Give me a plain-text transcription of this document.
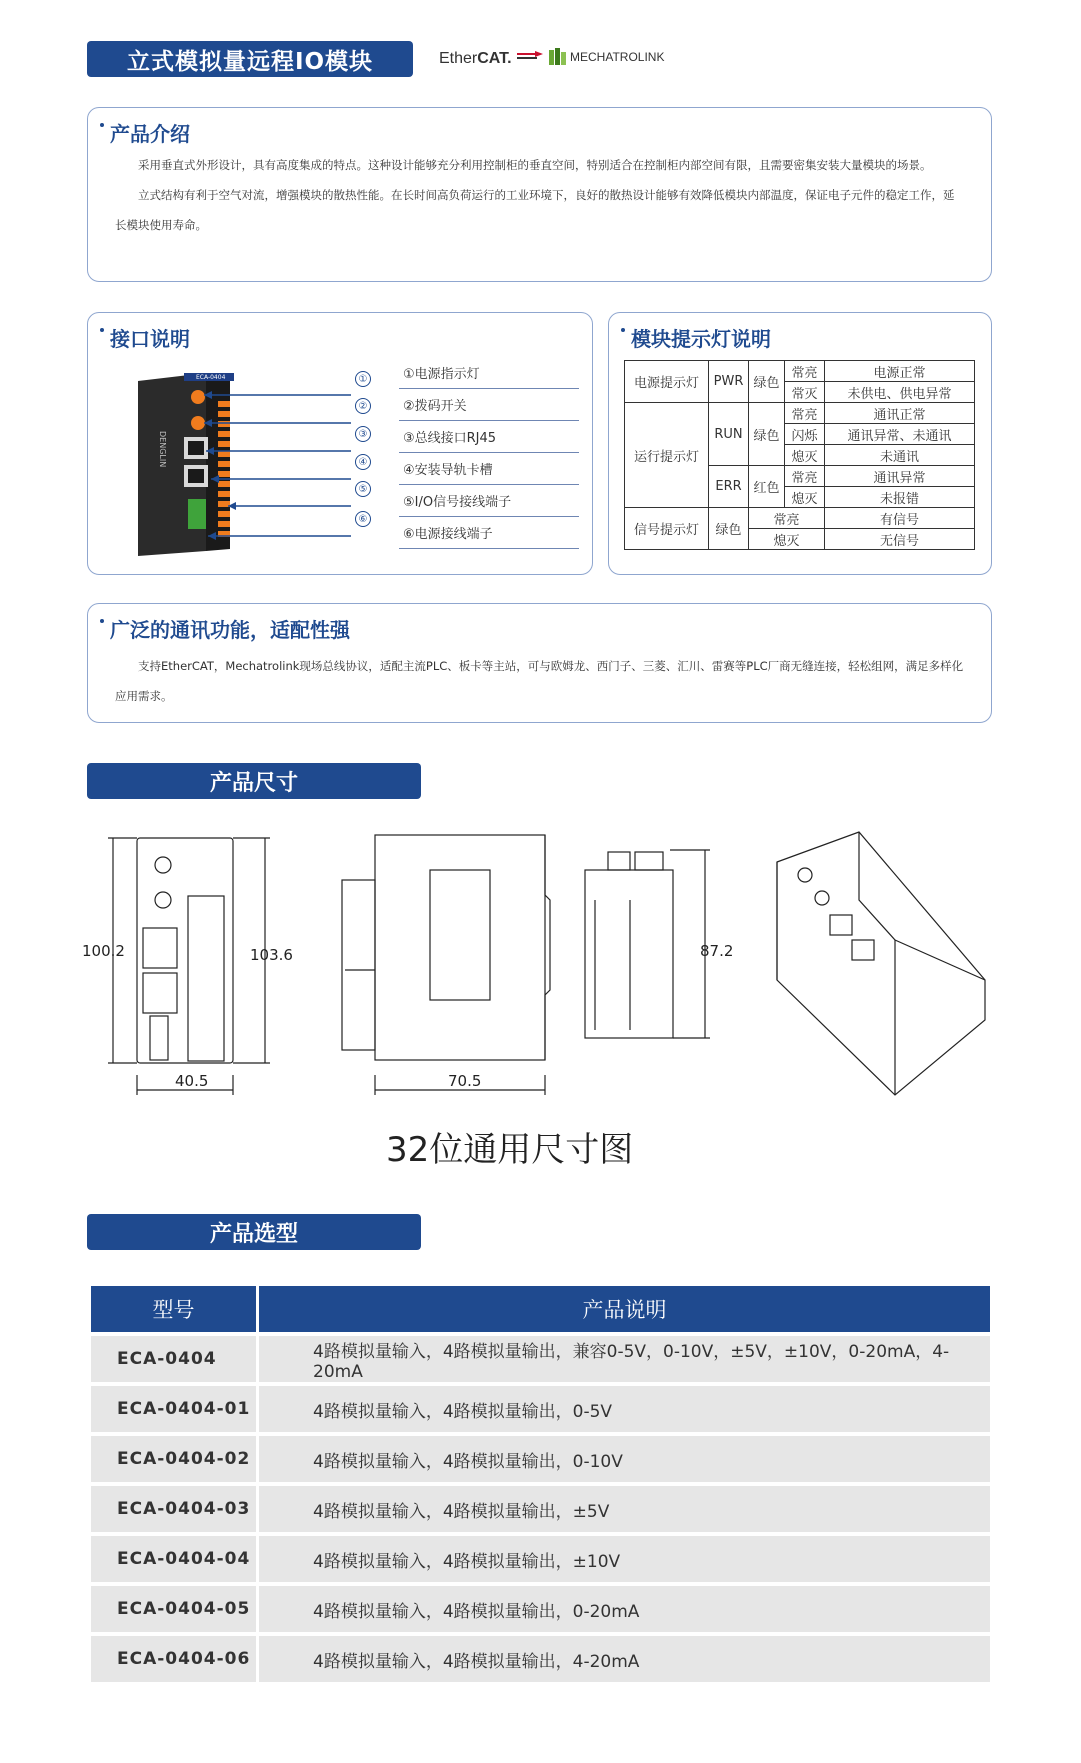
立式模拟量远程IO模块	EtherCAT.	MECHATROLINK
产品介绍

采用垂直式外形设计，具有高度集成的特点。这种设计能够充分利用控制柜的垂直空间，特别适合在控制柜内部空间有限，且需要密集安装大量模块的场景。

立式结构有利于空气对流，增强模块的散热性能。在长时间高负荷运行的工业环境下，良好的散热设计能够有效降低模块内部温度，保证电子元件的稳定工作，延长模块使用寿命。

接口说明
ECA-0404
DENGLIN
①
②
③
④
⑤
⑥
①电源指示灯
②拨码开关
③总线接口RJ45
④安装导轨卡槽
⑤I/O信号接线端子
⑥电源接线端子
模块提示灯说明
电源提示灯	PWR	绿色	常亮	电源正常
			常灭	未供电、供电异常
运行提示灯	RUN	绿色	常亮	通讯正常
			闪烁	通讯异常、未通讯
			熄灭	未通讯
	ERR	红色	常亮	通讯异常
			熄灭	未报错
信号提示灯	绿色	常亮		有信号
		熄灭		无信号
广泛的通讯功能，适配性强

支持EtherCAT，Mechatrolink现场总线协议，适配主流PLC、板卡等主站，可与欧姆龙、西门子、三菱、汇川、雷赛等PLC厂商无缝连接，轻松组网，满足多样化应用需求。

产品尺寸
100.2	103.6
40.5	70.5
87.2
32位通用尺寸图
产品选型
型号	产品说明
ECA-0404	4路模拟量输入，4路模拟量输出，兼容0-5V，0-10V，±5V，±10V，0-20mA，4-20mA
ECA-0404-01	4路模拟量输入，4路模拟量输出，0-5V
ECA-0404-02	4路模拟量输入，4路模拟量输出，0-10V
ECA-0404-03	4路模拟量输入，4路模拟量输出，±5V
ECA-0404-04	4路模拟量输入，4路模拟量输出，±10V
ECA-0404-05	4路模拟量输入，4路模拟量输出，0-20mA
ECA-0404-06	4路模拟量输入，4路模拟量输出，4-20mA
